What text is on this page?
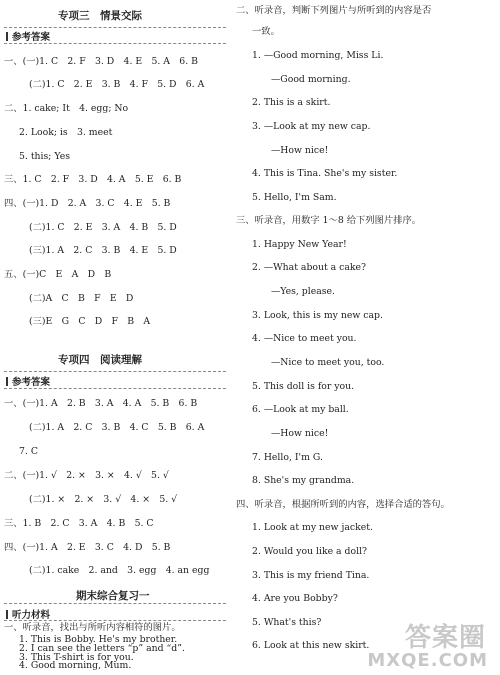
专项三　情景交际
参考答案
一、(一)1. C　2. F　3. D　4. E　5. A　6. B
(二)1. C　2. E　3. B　4. F　5. D　6. A
二、1. cake; It　4. egg; No
2. Look; is　3. meet
5. this; Yes
三、1. C　2. F　3. D　4. A　5. E　6. B
四、(一)1. D　2. A　3. C　4. E　5. B
(二)1. C　2. E　3. A　4. B　5. D
(三)1. A　2. C　3. B　4. E　5. D
五、(一)C　E　A　D　B
(二)A　C　B　F　E　D
(三)E　G　C　D　F　B　A
专项四　阅读理解
参考答案
一、(一)1. A　2. B　3. A　4. A　5. B　6. B
(二)1. A　2. C　3. B　4. C　5. B　6. A
7. C
二、(一)1. √　2. ×　3. ×　4. √　5. √
(二)1. ×　2. ×　3. √　4. ×　5. √
三、1. B　2. C　3. A　4. B　5. C
四、(一)1. A　2. E　3. C　4. D　5. B
(二)1. cake　2. and　3. egg　4. an egg
期末综合复习一
听力材料
一、听录音，找出与所听内容相符的图片。
1. This is Bobby. He's my brother.
2. I can see the letters “p” and “d”.
3. This T-shirt is for you.
4. Good morning, Mum.
二、听录音，判断下列图片与所听到的内容是否
一致。
1. —Good morning, Miss Li.
—Good morning.
2. This is a skirt.
3. —Look at my new cap.
—How nice!
4. This is Tina. She's my sister.
5. Hello, I'm Sam.
三、听录音，用数字 1～8 给下列图片排序。
1. Happy New Year!
2. —What about a cake?
—Yes, please.
3. Look, this is my new cap.
4. —Nice to meet you.
—Nice to meet you, too.
5. This doll is for you.
6. —Look at my ball.
—How nice!
7. Hello, I'm G.
8. She's my grandma.
四、听录音，根据所听到的内容，选择合适的答句。
1. Look at my new jacket.
2. Would you like a doll?
3. This is my friend Tina.
4. Are you Bobby?
5. What's this?
6. Look at this new skirt. 答案圈
MXQE.COM
